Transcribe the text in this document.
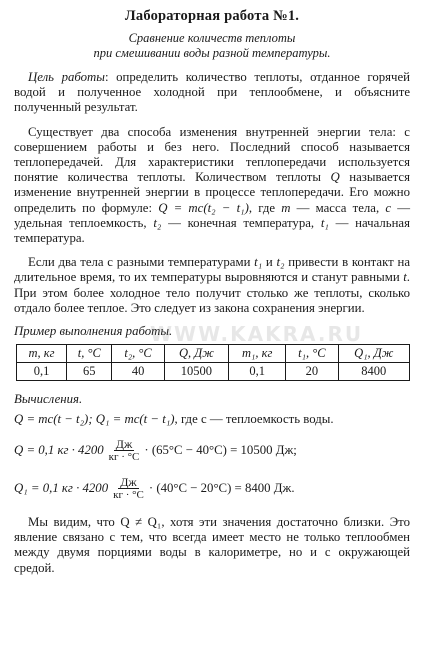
Лабораторная работа №1.
Сравнение количеств теплоты
при смешивании воды разной температуры.

Цель работы: определить количество теплоты, отданное горячей водой и полученное холодной при теплообмене, и объясните полученный результат.

Существует два способа изменения внутренней энергии тела: с совершением работы и без него. Последний способ называется теплопередачей. Для характеристики теплопередачи используется понятие количества теплоты. Количеством теплоты Q называется изменение внутренней энергии в процессе теплопередачи. Его можно определить по формуле: Q = mc(t₂ − t₁), где m — масса тела, c — удельная теплоемкость, t₂ — конечная температура, t₁ — начальная температура.

Если два тела с разными температурами t₁ и t₂ привести в контакт на длительное время, то их температуры выровняются и станут равными t. При этом более холодное тело получит столько же теплоты, сколько отдало более теплое. Это следует из закона сохранения энергии.

Пример выполнения работы.
m, кг	t, °C	t₂, °C	Q, Дж	m₁, кг	t₁, °C	Q₁, Дж
0,1	65	40	10500	0,1	20	8400
Вычисления.

Q = mc(t − t₂); Q₁ = mc(t − t₁), где c — теплоемкость воды.

Q = 0,1 кг · $4200 \frac{Дж}{кг \cdot ^\circ C} \cdot (65^\circ C - 40^\circ C) = 10500$ Дж;
Q₁ = 0,1 кг · $4200 \frac{Дж}{кг \cdot ^\circ C} \cdot (40^\circ C - 20^\circ C) = 8400$ Дж.

Мы видим, что Q ≠ Q₁, хотя эти значения достаточно близки. Это явление связано с тем, что всегда имеет место не только теплообмен между двумя порциями воды в калориметре, но и с окружающей средой.

WWW.KAKRA.RU
